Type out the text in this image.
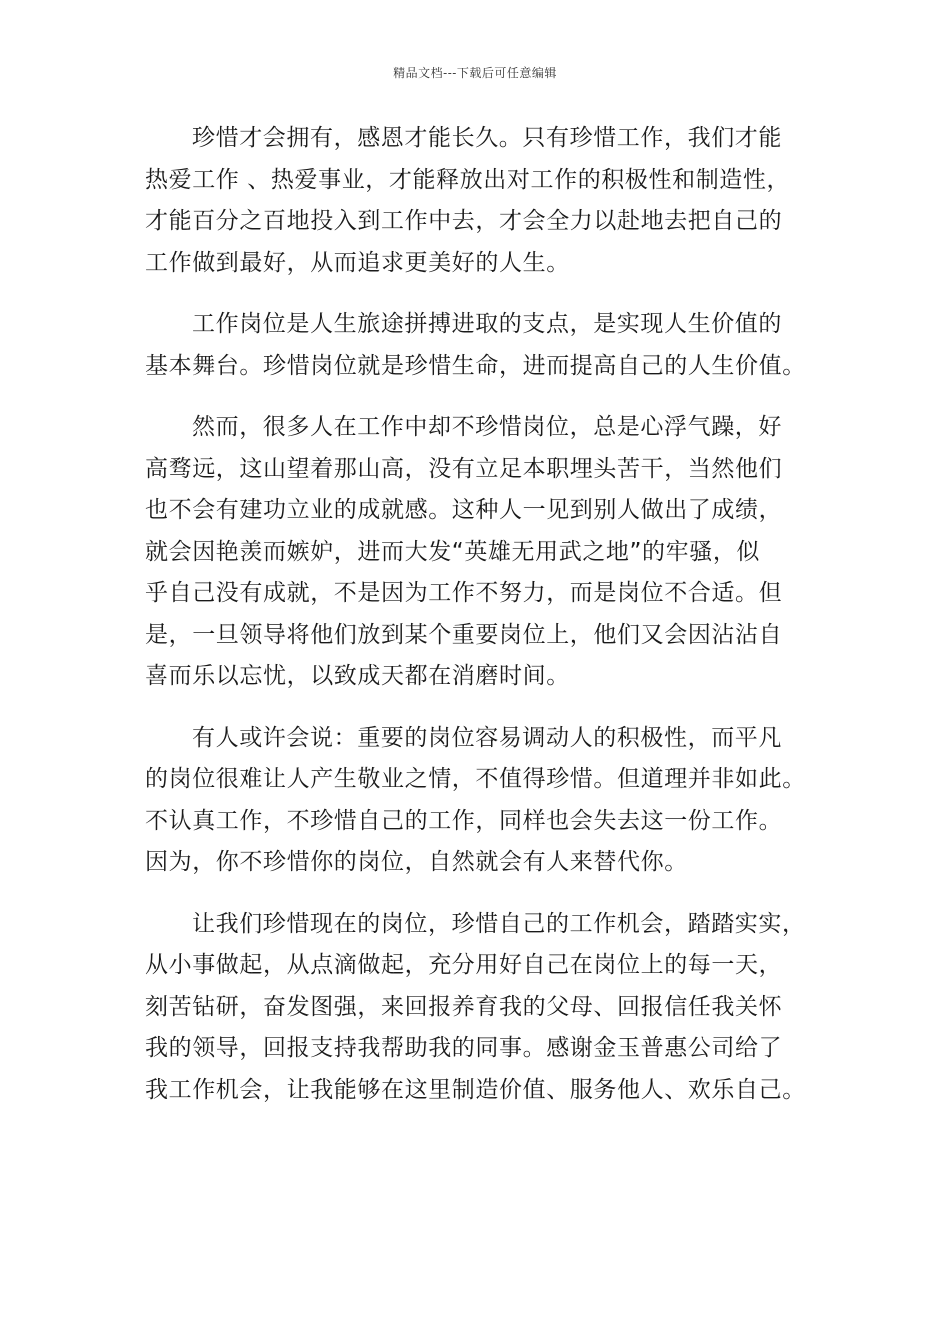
精品文档---下载后可任意编辑
珍惜才会拥有，感恩才能长久。只有珍惜工作，我们才能
热爱工作 、热爱事业，才能释放出对工作的积极性和制造性，
才能百分之百地投入到工作中去，才会全力以赴地去把自己的
工作做到最好，从而追求更美好的人生。
工作岗位是人生旅途拼搏进取的支点，是实现人生价值的
基本舞台。珍惜岗位就是珍惜生命，进而提高自己的人生价值。
然而，很多人在工作中却不珍惜岗位，总是心浮气躁，好
高骛远，这山望着那山高，没有立足本职埋头苦干，当然他们
也不会有建功立业的成就感。这种人一见到别人做出了成绩，
就会因艳羡而嫉妒，进而大发“英雄无用武之地”的牢骚，似
乎自己没有成就，不是因为工作不努力，而是岗位不合适。但
是，一旦领导将他们放到某个重要岗位上，他们又会因沾沾自
喜而乐以忘忧，以致成天都在消磨时间。
有人或许会说：重要的岗位容易调动人的积极性，而平凡
的岗位很难让人产生敬业之情，不值得珍惜。但道理并非如此。
不认真工作，不珍惜自己的工作，同样也会失去这一份工作。
因为，你不珍惜你的岗位，自然就会有人来替代你。
让我们珍惜现在的岗位，珍惜自己的工作机会，踏踏实实，
从小事做起，从点滴做起，充分用好自己在岗位上的每一天，
刻苦钻研，奋发图强，来回报养育我的父母、回报信任我关怀
我的领导，回报支持我帮助我的同事。感谢金玉普惠公司给了
我工作机会，让我能够在这里制造价值、服务他人、欢乐自己。
